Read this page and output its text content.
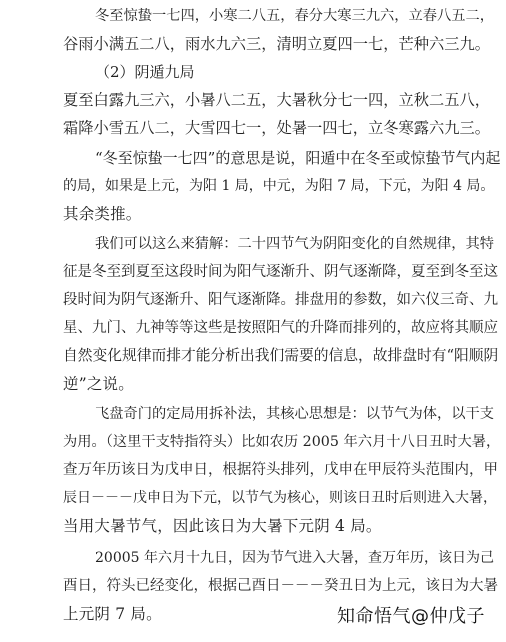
冬至惊蛰一七四，小寒二八五，春分大寒三九六，立春八五二，
谷雨小满五二八，雨水九六三，清明立夏四一七，芒种六三九。
（2）阴遁九局
夏至白露九三六，小暑八二五，大暑秋分七一四，立秋二五八，
霜降小雪五八二，大雪四七一，处暑一四七，立冬寒露六九三。
“冬至惊蛰一七四”的意思是说，阳遁中在冬至或惊蛰节气内起
的局，如果是上元，为阳 1 局，中元，为阳 7 局，下元，为阳 4 局。
其余类推。
我们可以这么来猜解：二十四节气为阴阳变化的自然规律，其特
征是冬至到夏至这段时间为阳气逐渐升、阴气逐渐降，夏至到冬至这
段时间为阴气逐渐升、阳气逐渐降。排盘用的参数，如六仪三奇、九
星、九门、九神等等这些是按照阳气的升降而排列的，故应将其顺应
自然变化规律而排才能分析出我们需要的信息，故排盘时有“阳顺阴
逆”之说。
飞盘奇门的定局用拆补法，其核心思想是：以节气为体，以干支
为用。（这里干支特指符头）比如农历 2005 年六月十八日丑时大暑，
查万年历该日为戊申日，根据符头排列，戊申在甲辰符头范围内，甲
辰日－－－戊申日为下元，以节气为核心，则该日丑时后则进入大暑，
当用大暑节气，因此该日为大暑下元阴 4 局。
20005 年六月十九日，因为节气进入大暑，查万年历，该日为己
酉日，符头已经变化，根据己酉日－－－癸丑日为上元，该日为大暑
上元阴 7 局。	知命悟气@仲戊子
